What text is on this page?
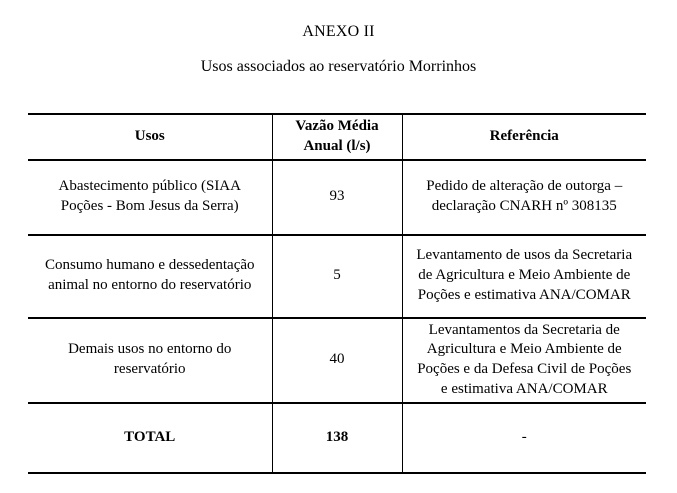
ANEXO II
Usos associados ao reservatório Morrinhos
Usos	Vazão Média Anual (l/s)	Referência
Abastecimento público (SIAA Poções - Bom Jesus da Serra)	93	Pedido de alteração de outorga – declaração CNARH nº 308135
Consumo humano e dessedentação animal no entorno do reservatório	5	Levantamento de usos da Secretaria de Agricultura e Meio Ambiente de Poções e estimativa ANA/COMAR
Demais usos no entorno do reservatório	40	Levantamentos da Secretaria de Agricultura e Meio Ambiente de Poções e da Defesa Civil de Poções e estimativa ANA/COMAR
TOTAL	138	-
